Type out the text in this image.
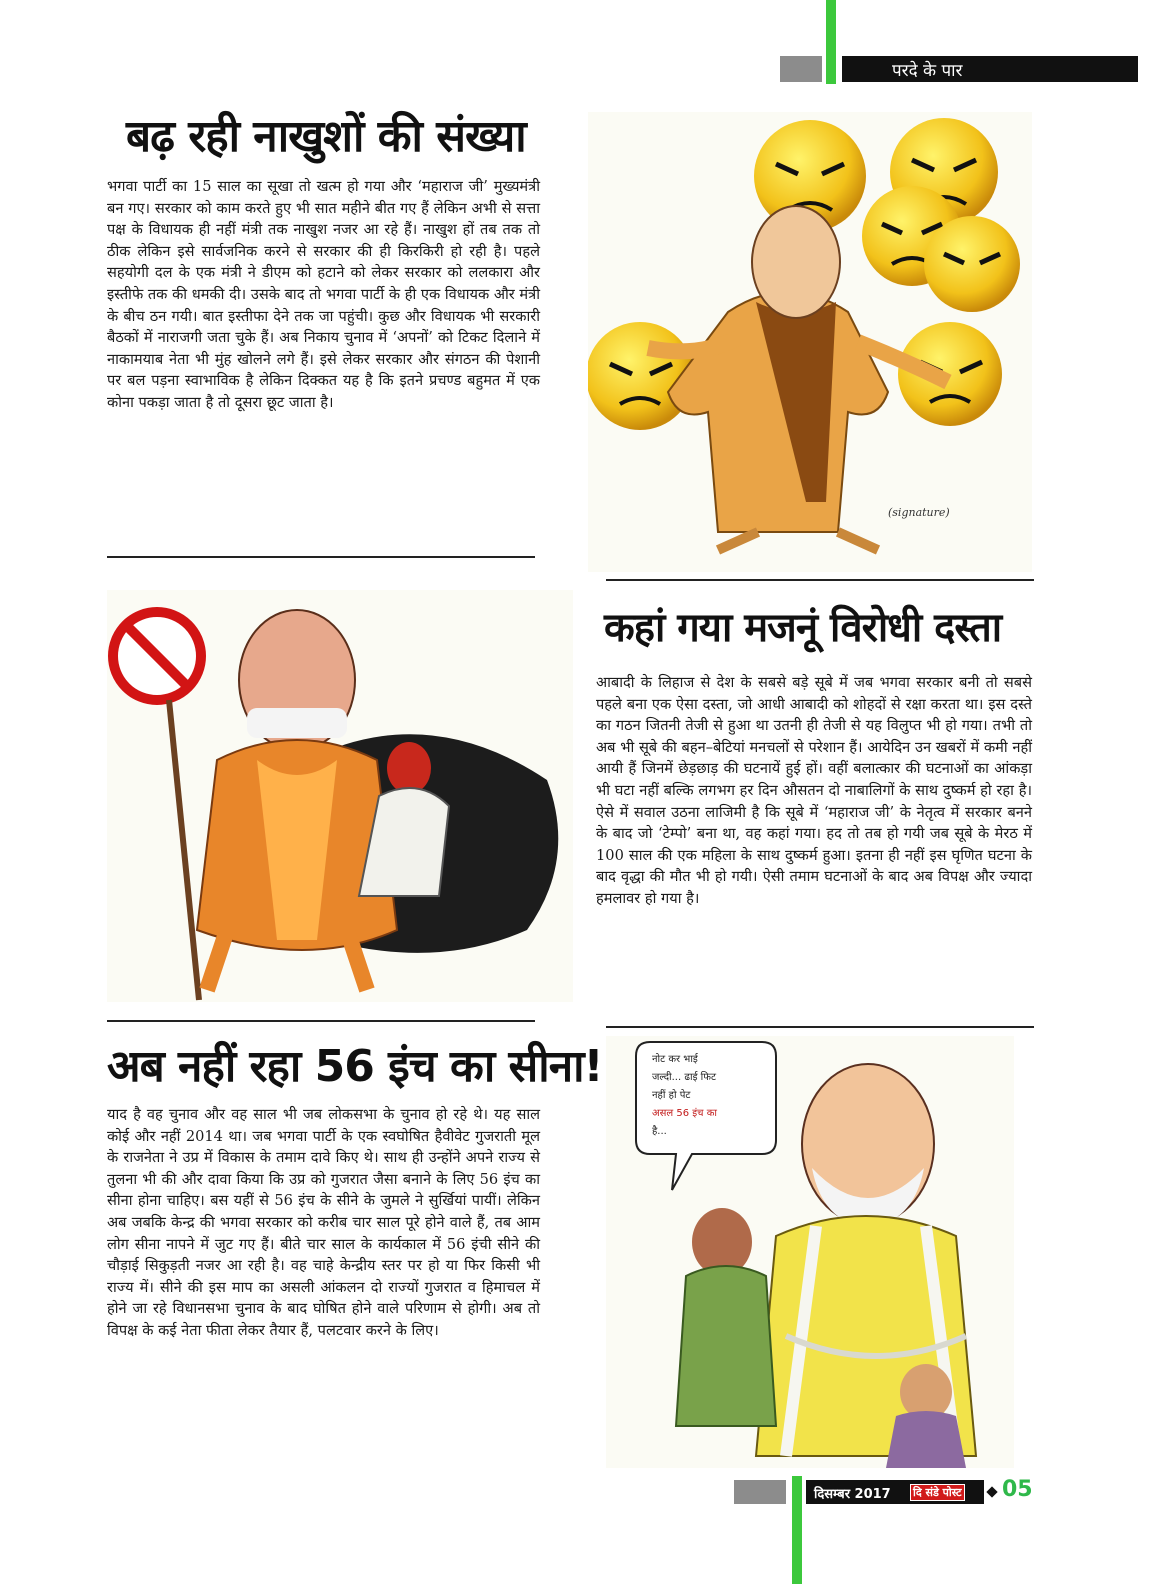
परदे के पार
बढ़ रही नाखुशों की संख्या
भगवा पार्टी का 15 साल का सूखा तो खत्म हो गया और ‘महाराज जी’ मुख्यमंत्री बन गए। सरकार को काम करते हुए भी सात महीने बीत गए हैं लेकिन अभी से सत्ता पक्ष के विधायक ही नहीं मंत्री तक नाखुश नजर आ रहे हैं। नाखुश हों तब तक तो ठीक लेकिन इसे सार्वजनिक करने से सरकार की ही किरकिरी हो रही है। पहले सहयोगी दल के एक मंत्री ने डीएम को हटाने को लेकर सरकार को ललकारा और इस्तीफे तक की धमकी दी। उसके बाद तो भगवा पार्टी के ही एक विधायक और मंत्री के बीच ठन गयी। बात इस्तीफा देने तक जा पहुंची। कुछ और विधायक भी सरकारी बैठकों में नाराजगी जता चुके हैं। अब निकाय चुनाव में ‘अपनों’ को टिकट दिलाने में नाकामयाब नेता भी मुंह खोलने लगे हैं। इसे लेकर सरकार और संगठन की पेशानी पर बल पड़ना स्वाभाविक है लेकिन दिक्कत यह है कि इतने प्रचण्ड बहुमत में एक कोना पकड़ा जाता है तो दूसरा छूट जाता है।
(signature)
कहां गया मजनूं विरोधी दस्ता
आबादी के लिहाज से देश के सबसे बड़े सूबे में जब भगवा सरकार बनी तो सबसे पहले बना एक ऐसा दस्ता, जो आधी आबादी को शोहदों से रक्षा करता था। इस दस्ते का गठन जितनी तेजी से हुआ था उतनी ही तेजी से यह विलुप्त भी हो गया। तभी तो अब भी सूबे की बहन–बेटियां मनचलों से परेशान हैं। आयेदिन उन खबरों में कमी नहीं आयी हैं जिनमें छेड़छाड़ की घटनायें हुई हों। वहीं बलात्कार की घटनाओं का आंकड़ा भी घटा नहीं बल्कि लगभग हर दिन औसतन दो नाबालिगों के साथ दुष्कर्म हो रहा है। ऐसे में सवाल उठना लाजिमी है कि सूबे में ‘महाराज जी’ के नेतृत्व में सरकार बनने के बाद जो ‘टेम्पो’ बना था, वह कहां गया। हद तो तब हो गयी जब सूबे के मेरठ में 100 साल की एक महिला के साथ दुष्कर्म हुआ। इतना ही नहीं इस घृणित घटना के बाद वृद्धा की मौत भी हो गयी। ऐसी तमाम घटनाओं के बाद अब विपक्ष और ज्यादा हमलावर हो गया है।
अब नहीं रहा 56 इंच का सीना!
याद है वह चुनाव और वह साल भी जब लोकसभा के चुनाव हो रहे थे। यह साल कोई और नहीं 2014 था। जब भगवा पार्टी के एक स्वघोषित हैवीवेट गुजराती मूल के राजनेता ने उप्र में विकास के तमाम दावे किए थे। साथ ही उन्होंने अपने राज्य से तुलना भी की और दावा किया कि उप्र को गुजरात जैसा बनाने के लिए 56 इंच का सीना होना चाहिए। बस यहीं से 56 इंच के सीने के जुमले ने सुर्खियां पायीं। लेकिन अब जबकि केन्द्र की भगवा सरकार को करीब चार साल पूरे होने वाले हैं, तब आम लोग सीना नापने में जुट गए हैं। बीते चार साल के कार्यकाल में 56 इंची सीने की चौड़ाई सिकुड़ती नजर आ रही है। वह चाहे केन्द्रीय स्तर पर हो या फिर किसी भी राज्य में। सीने की इस माप का असली आंकलन दो राज्यों गुजरात व हिमाचल में होने जा रहे विधानसभा चुनाव के बाद घोषित होने वाले परिणाम से होगी। अब तो विपक्ष के कई नेता फीता लेकर तैयार हैं, पलटवार करने के लिए।
नोट कर भाई जल्दी... ढाई फिट नहीं हो पेट असल 56 इंच का है...
दिसम्बर 2017 दि संडे पोस्ट 05
